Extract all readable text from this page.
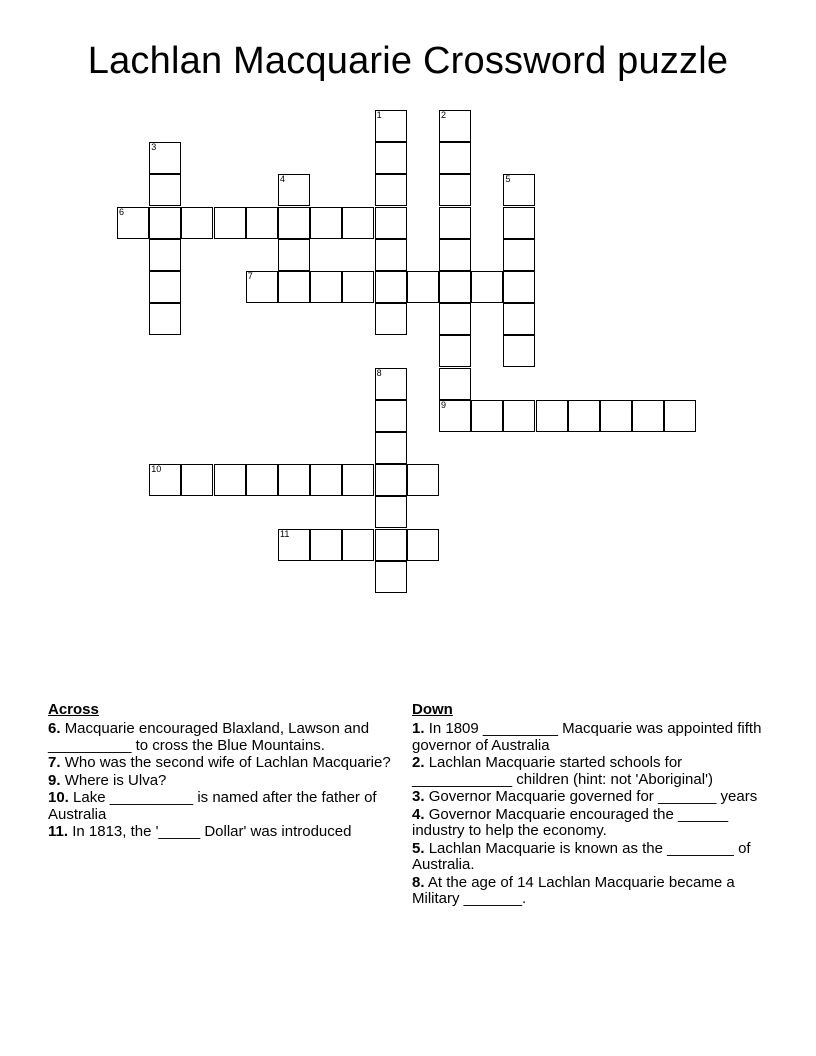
Lachlan Macquarie Crossword puzzle
1	2
3
4	5
6
7
8
9
10
11
Across
6. Macquarie encouraged Blaxland, Lawson and __________ to cross the Blue Mountains.
7. Who was the second wife of Lachlan Macquarie?
9. Where is Ulva?
10. Lake __________ is named after the father of Australia
11. In 1813, the '_____ Dollar' was introduced
Down
1. In 1809 _________ Macquarie was appointed fifth governor of Australia
2. Lachlan Macquarie started schools for ____________ children (hint: not 'Aboriginal')
3. Governor Macquarie governed for _______ years
4. Governor Macquarie encouraged the ______ industry to help the economy.
5. Lachlan Macquarie is known as the ________ of Australia.
8. At the age of 14 Lachlan Macquarie became a Military _______.
